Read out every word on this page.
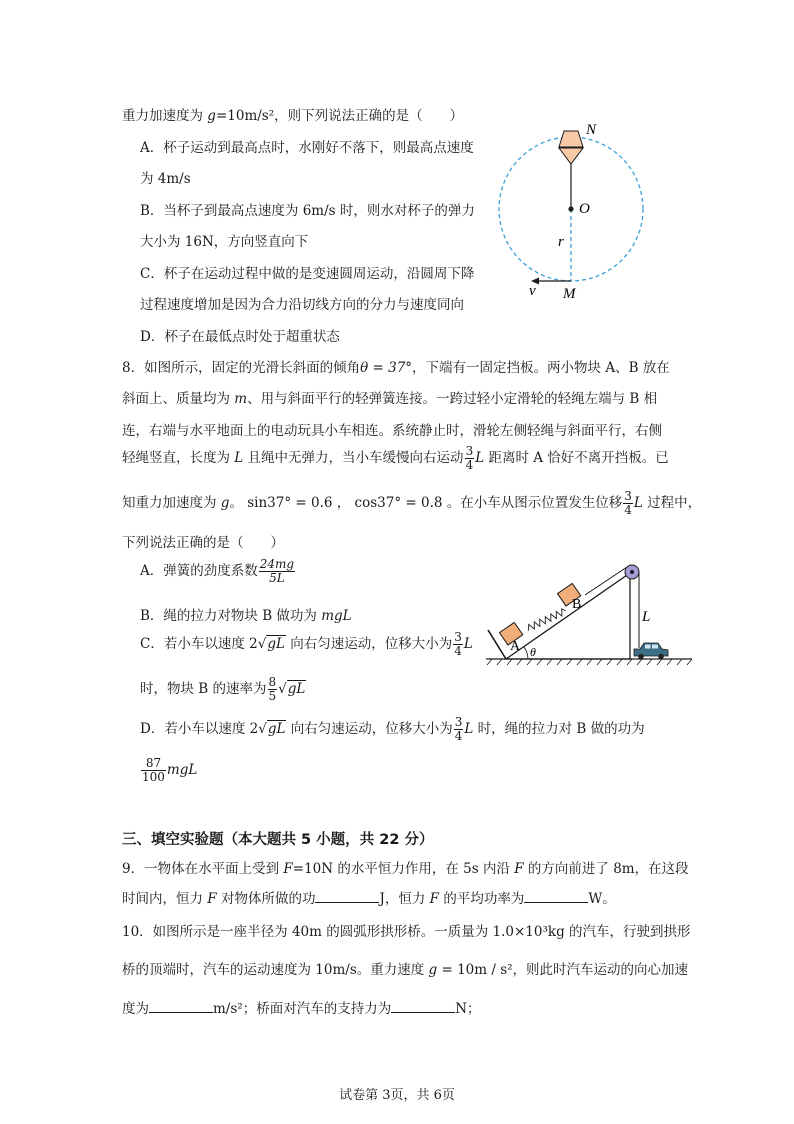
重力加速度为 g=10m/s²，则下列说法正确的是（　　）
A．杯子运动到最高点时，水刚好不落下，则最高点速度
为 4m/s
B．当杯子到最高点速度为 6m/s 时，则水对杯子的弹力
大小为 16N，方向竖直向下
C．杯子在运动过程中做的是变速圆周运动，沿圆周下降
过程速度增加是因为合力沿切线方向的分力与速度同向
D．杯子在最低点时处于超重状态
N
O
r
v M
8．如图所示，固定的光滑长斜面的倾角θ = 37°，下端有一固定挡板。两小物块 A、B 放在
斜面上、质量均为 m、用与斜面平行的轻弹簧连接。一跨过轻小定滑轮的轻绳左端与 B 相
连，右端与水平地面上的电动玩具小车相连。系统静止时，滑轮左侧轻绳与斜面平行，右侧
轻绳竖直，长度为 L 且绳中无弹力，当小车缓慢向右运动 $\frac{3}{4}$ L 距离时 A 恰好不离开挡板。已
知重力加速度为 g。 sin37° = 0.6 ， cos37° = 0.8 。在小车从图示位置发生位移 $\frac{3}{4}$ L 过程中，
下列说法正确的是（　　）
A．弹簧的劲度系数 $\frac{24mg}{5L}$
B．绳的拉力对物块 B 做功为 mgL
C．若小车以速度 2√gL 向右匀速运动，位移大小为 $\frac{3}{4}$ L
时，物块 B 的速率为 $\frac{8}{5} √gL$
D．若小车以速度 2√gL 向右匀速运动，位移大小为 $\frac{3}{4}$ L 时，绳的拉力对 B 做的功为
$\frac{87}{100}$ mgL
A
B
L
θ
三、填空实验题（本大题共 5 小题，共 22 分）
9．一物体在水平面上受到 F=10N 的水平恒力作用，在 5s 内沿 F 的方向前进了 8m，在这段
时间内，恒力 F 对物体所做的功	J，恒力 F 的平均功率为	W。
10．如图所示是一座半径为 40m 的圆弧形拱形桥。一质量为 1.0×10³kg 的汽车，行驶到拱形
桥的顶端时，汽车的运动速度为 10m/s。重力速度 g = 10m / s²，则此时汽车运动的向心加速
度为	m/s²；桥面对汽车的支持力为	N；
试卷第 3页，共 6页
